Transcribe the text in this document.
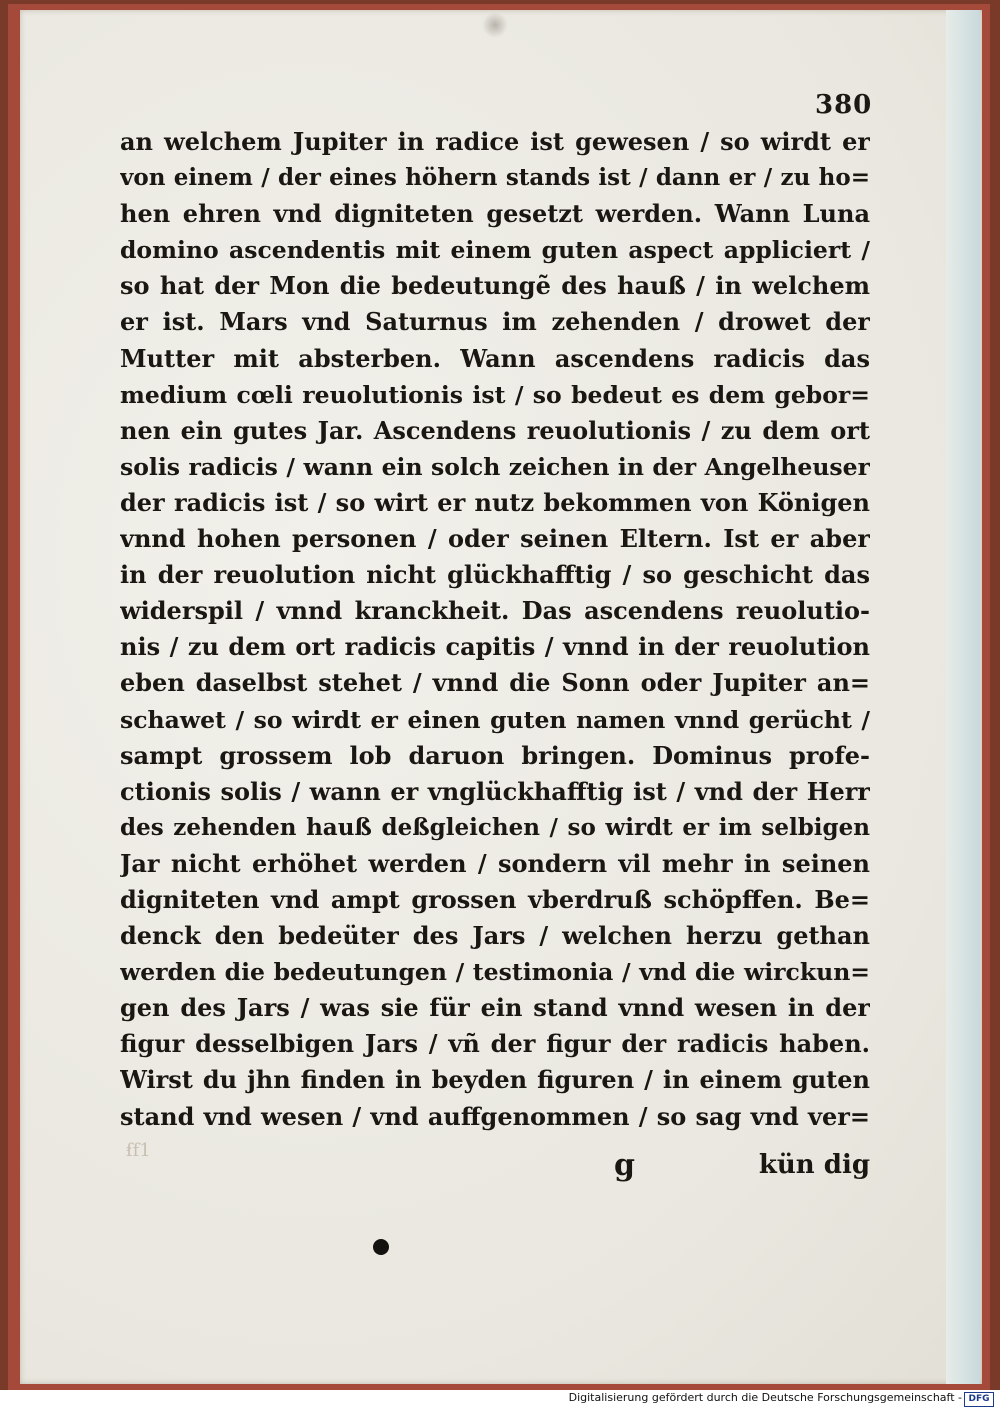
380
an welchem Jupiter in radice ist gewesen / so wirdt er
von einem / der eines höhern stands ist / dann er / zu ho=
hen ehren vnd digniteten gesetzt werden. Wann Luna
domino ascendentis mit einem guten aspect appliciert /
so hat der Mon die bedeutungẽ des hauß / in welchem
er ist. Mars vnd Saturnus im zehenden / drowet der
Mutter mit absterben. Wann ascendens radicis das
medium cœli reuolutionis ist / so bedeut es dem gebor=
nen ein gutes Jar. Ascendens reuolutionis / zu dem ort
solis radicis / wann ein solch zeichen in der Angelheuser
der radicis ist / so wirt er nutz bekommen von Königen
vnnd hohen personen / oder seinen Eltern. Ist er aber
in der reuolution nicht glückhafftig / so geschicht das
widerspil / vnnd kranckheit. Das ascendens reuolutio-
nis / zu dem ort radicis capitis / vnnd in der reuolution
eben daselbst stehet / vnnd die Sonn oder Jupiter an=
schawet / so wirdt er einen guten namen vnnd gerücht /
sampt grossem lob daruon bringen. Dominus profe-
ctionis solis / wann er vnglückhafftig ist / vnd der Herr
des zehenden hauß deßgleichen / so wirdt er im selbigen
Jar nicht erhöhet werden / sondern vil mehr in seinen
digniteten vnd ampt grossen vberdruß schöpffen. Be=
denck den bedeüter des Jars / welchen herzu gethan
werden die bedeutungen / testimonia / vnd die wirckun=
gen des Jars / was sie für ein stand vnnd wesen in der
figur desselbigen Jars / vñ der figur der radicis haben.
Wirst du jhn finden in beyden figuren / in einem guten
stand vnd wesen / vnd auffgenommen / so sag vnd ver=
ẜf1	g	kün dig
Digitalisierung gefördert durch die Deutsche Forschungsgemeinschaft - DFG
